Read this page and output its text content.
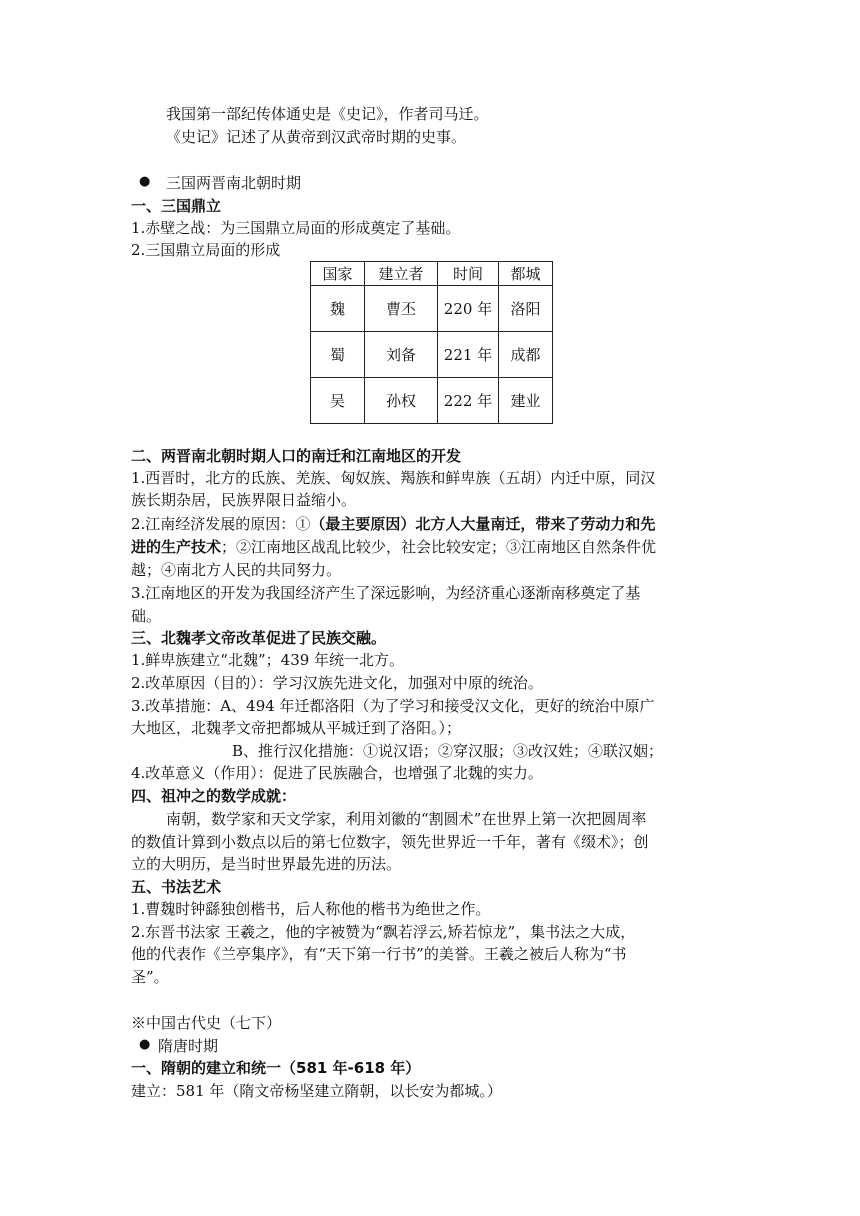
我国第一部纪传体通史是《史记》，作者司马迁。
《史记》记述了从黄帝到汉武帝时期的史事。
● 三国两晋南北朝时期
一、三国鼎立
1.赤壁之战：为三国鼎立局面的形成奠定了基础。
2.三国鼎立局面的形成
国家	建立者	时间	都城
魏	曹丕	220 年	洛阳
蜀	刘备	221 年	成都
吴	孙权	222 年	建业
二、两晋南北朝时期人口的南迁和江南地区的开发
1.西晋时，北方的氐族、羌族、匈奴族、羯族和鲜卑族（五胡）内迁中原，同汉
族长期杂居，民族界限日益缩小。
2.江南经济发展的原因：①（最主要原因）北方人大量南迁，带来了劳动力和先
进的生产技术；②江南地区战乱比较少，社会比较安定；③江南地区自然条件优
越；④南北方人民的共同努力。
3.江南地区的开发为我国经济产生了深远影响，为经济重心逐渐南移奠定了基
础。
三、北魏孝文帝改革促进了民族交融。
1.鲜卑族建立“北魏”；439 年统一北方。
2.改革原因（目的）：学习汉族先进文化，加强对中原的统治。
3.改革措施：A、494 年迁都洛阳（为了学习和接受汉文化，更好的统治中原广
大地区，北魏孝文帝把都城从平城迁到了洛阳。）；
B、推行汉化措施：①说汉语；②穿汉服；③改汉姓；④联汉姻；
4.改革意义（作用）：促进了民族融合，也增强了北魏的实力。
四、祖冲之的数学成就：
南朝，数学家和天文学家，利用刘徽的“割圆术”在世界上第一次把圆周率
的数值计算到小数点以后的第七位数字，领先世界近一千年，著有《缀术》；创
立的大明历，是当时世界最先进的历法。
五、书法艺术
1.曹魏时钟繇独创楷书，后人称他的楷书为绝世之作。
2.东晋书法家 王羲之，他的字被赞为“飘若浮云,矫若惊龙”，集书法之大成，
他的代表作《兰亭集序》，有“天下第一行书”的美誉。王羲之被后人称为“书
圣”。
※中国古代史（七下）
● 隋唐时期
一、隋朝的建立和统一（581 年-618 年）
建立：581 年（隋文帝杨坚建立隋朝，以长安为都城。）
